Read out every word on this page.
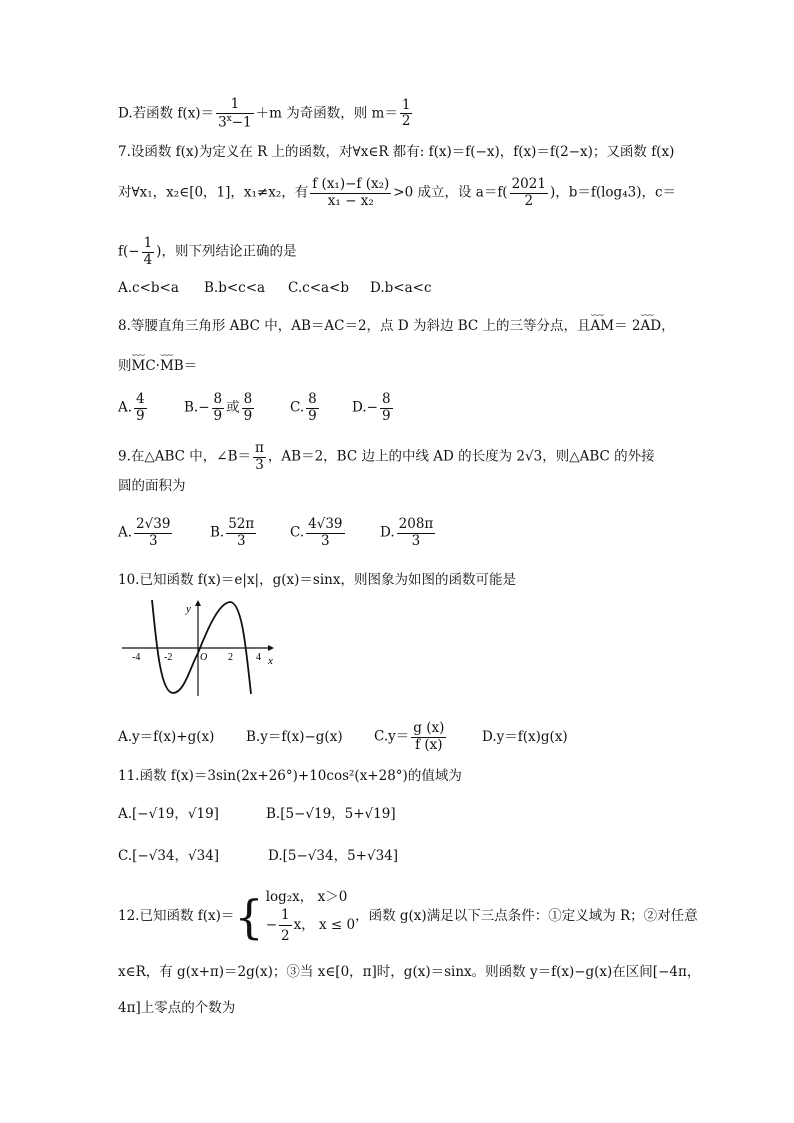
D.若函数 $f(x)= \frac{1}{3^x-1} +m$ 为奇函数，则 $m= \frac{1}{2}$
7.设函数 f(x)为定义在 R 上的函数，对∀x∈R 都有: f(x)＝f(−x)，f(x)＝f(2−x)；又函数 f(x)
对∀x₁，x₂∈[0，1]，x₁≠x₂，有 $\frac{\text{f (x₁)−f (x₂)}}{\text{x₁ − x₂}} >0$ 成立，设 $a=f( \frac{2021}{2}$ )，b＝f(log₄3)，c＝
$f(- \frac{1}{4}$ )，则下列结论正确的是
A.c<b<a B.b<c<a C.c<a<b D.b<a<c
8.等腰直角三角形 ABC 中，AB＝AC＝2，点 D 为斜边 BC 上的三等分点，且⌣⌣⌣ AM＝ 2⌣⌣⌣ AD，
则⌣⌣⌣ MC·⌣⌣⌣ MB＝
A. $\frac{4}{9}$	$B.- \frac{8}{9}$ 或 $\frac{8}{9}$	C. $\frac{8}{9} D.- \frac{8}{9}$
9.在△ABC 中，∠B＝ $\frac{\pi}{3}$ ，AB＝2，BC 边上的中线 AD 的长度为 2√3，则△ABC 的外接
圆的面积为
A. $\frac{2√39}{3}$	B. $\frac{52\pi}{3} C$. $\frac{4√39}{3}$	D. $\frac{208\pi}{3}$
10.已知函数 f(x)＝e|x|，g(x)＝sinx，则图象为如图的函数可能是
y
x
O
-4 -2	2 4
A.y＝f(x)+g(x) B.y＝f(x)−g(x) $C.y= \frac{g (x)}{f (x)}$	D.y＝f(x)g(x)
11.函数 f(x)＝3sin(2x+26°)+10cos²(x+28°)的值域为
A.[−√19，√19]	B.[5−√19，5+√19]
C.[−√34，√34]	D.[5−√34，5+√34]
12.已知函数 f(x)＝{ log₂x， x＞0
− $\frac{1}{2}$ x， x ≤ 0
，函数 g(x)满足以下三点条件：①定义域为 R；②对任意
x∈R，有 g(x+π)＝2g(x)；③当 x∈[0，π]时，g(x)＝sinx。则函数 y＝f(x)−g(x)在区间[−4π，
4π]上零点的个数为
